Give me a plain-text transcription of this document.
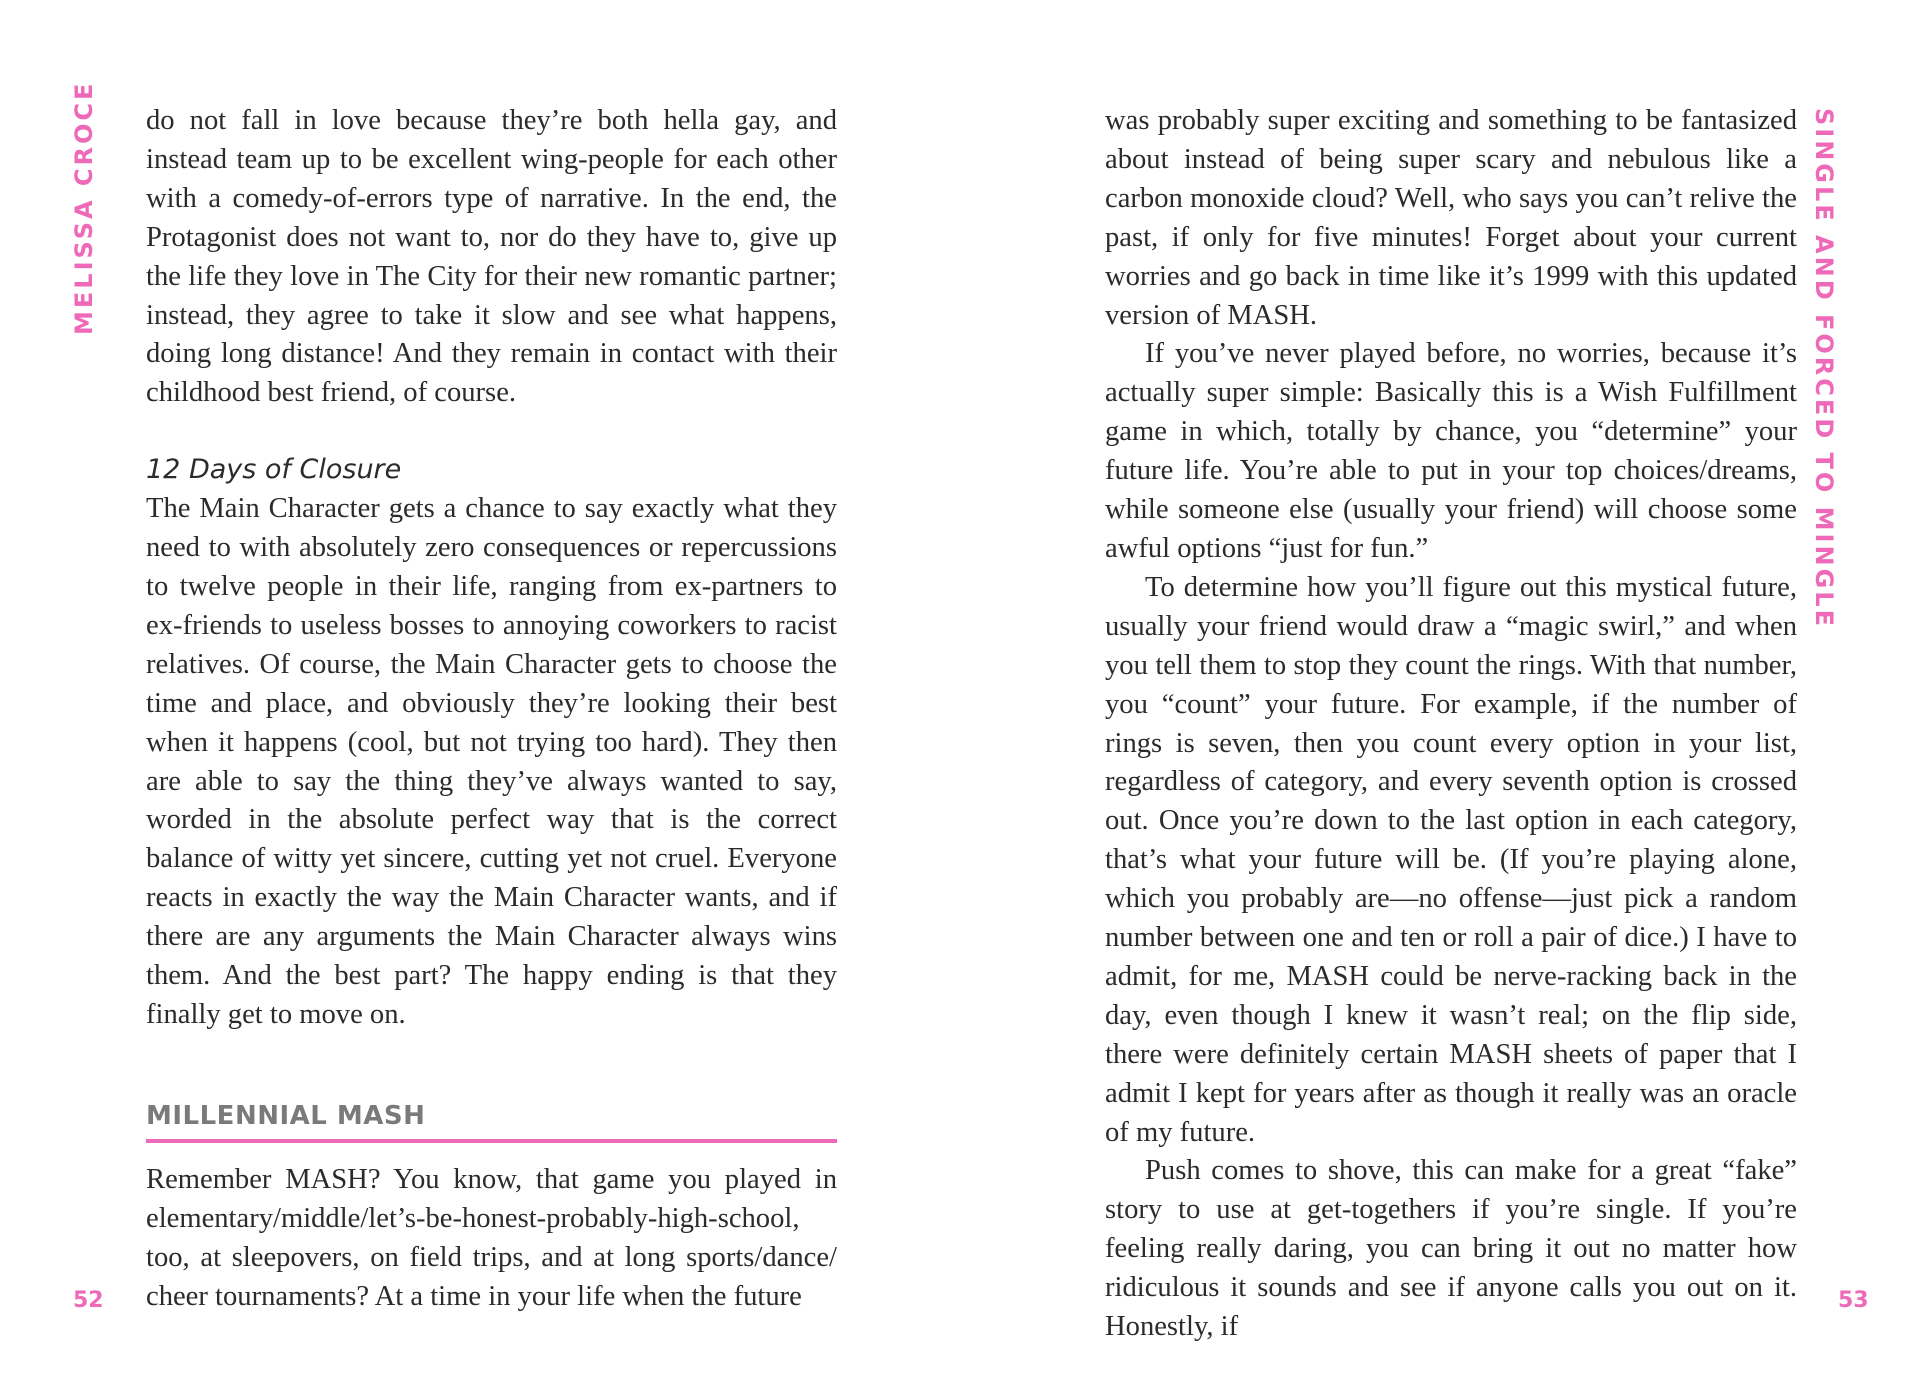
MELISSA CROCE do not fall in love because they’re both hella gay, and instead team up to be excellent wing-people for each other with a comedy-of-errors type of narrative. In the end, the Protagonist does not want to, nor do they have to, give up the life they love in The City for their new romantic partner; instead, they agree to take it slow and see what happens, doing long distance! And they remain in contact with their childhood best friend, of course.

12 Days of Closure

The Main Character gets a chance to say exactly what they need to with absolutely zero consequences or repercussions to twelve people in their life, ranging from ex-partners to ex-friends to useless bosses to annoying coworkers to racist relatives. Of course, the Main Character gets to choose the time and place, and obviously they’re looking their best when it happens (cool, but not trying too hard). They then are able to say the thing they’ve always wanted to say, worded in the absolute perfect way that is the correct balance of witty yet sincere, cutting yet not cruel. Everyone reacts in exactly the way the Main Character wants, and if there are any arguments the Main Character always wins them. And the best part? The happy ending is that they finally get to move on.

MILLENNIAL MASH

Remember MASH? You know, that game you played in elementary/middle/let’s-be-honest-probably-high-school, too, at sleepovers, on field trips, and at long sports/dance/ cheer tournaments? At a time in your life when the future

52
SINGLE AND FORCED TO MINGLE

was probably super exciting and something to be fantasized about instead of being super scary and nebulous like a carbon monoxide cloud? Well, who says you can’t relive the past, if only for five minutes! Forget about your current worries and go back in time like it’s 1999 with this updated version of MASH.

If you’ve never played before, no worries, because it’s actually super simple: Basically this is a Wish Fulfillment game in which, totally by chance, you “determine” your future life. You’re able to put in your top choices/dreams, while someone else (usually your friend) will choose some awful options “just for fun.”

To determine how you’ll figure out this mystical future, usually your friend would draw a “magic swirl,” and when you tell them to stop they count the rings. With that number, you “count” your future. For example, if the number of rings is seven, then you count every option in your list, regardless of category, and every seventh option is crossed out. Once you’re down to the last option in each category, that’s what your future will be. (If you’re playing alone, which you probably are—no offense—just pick a random number between one and ten or roll a pair of dice.) I have to admit, for me, MASH could be nerve-racking back in the day, even though I knew it wasn’t real; on the flip side, there were definitely certain MASH sheets of paper that I admit I kept for years after as though it really was an oracle of my future.

Push comes to shove, this can make for a great “fake” story to use at get-togethers if you’re single. If you’re feeling really daring, you can bring it out no matter how ridiculous it sounds and see if anyone calls you out on it. Honestly, if

53
